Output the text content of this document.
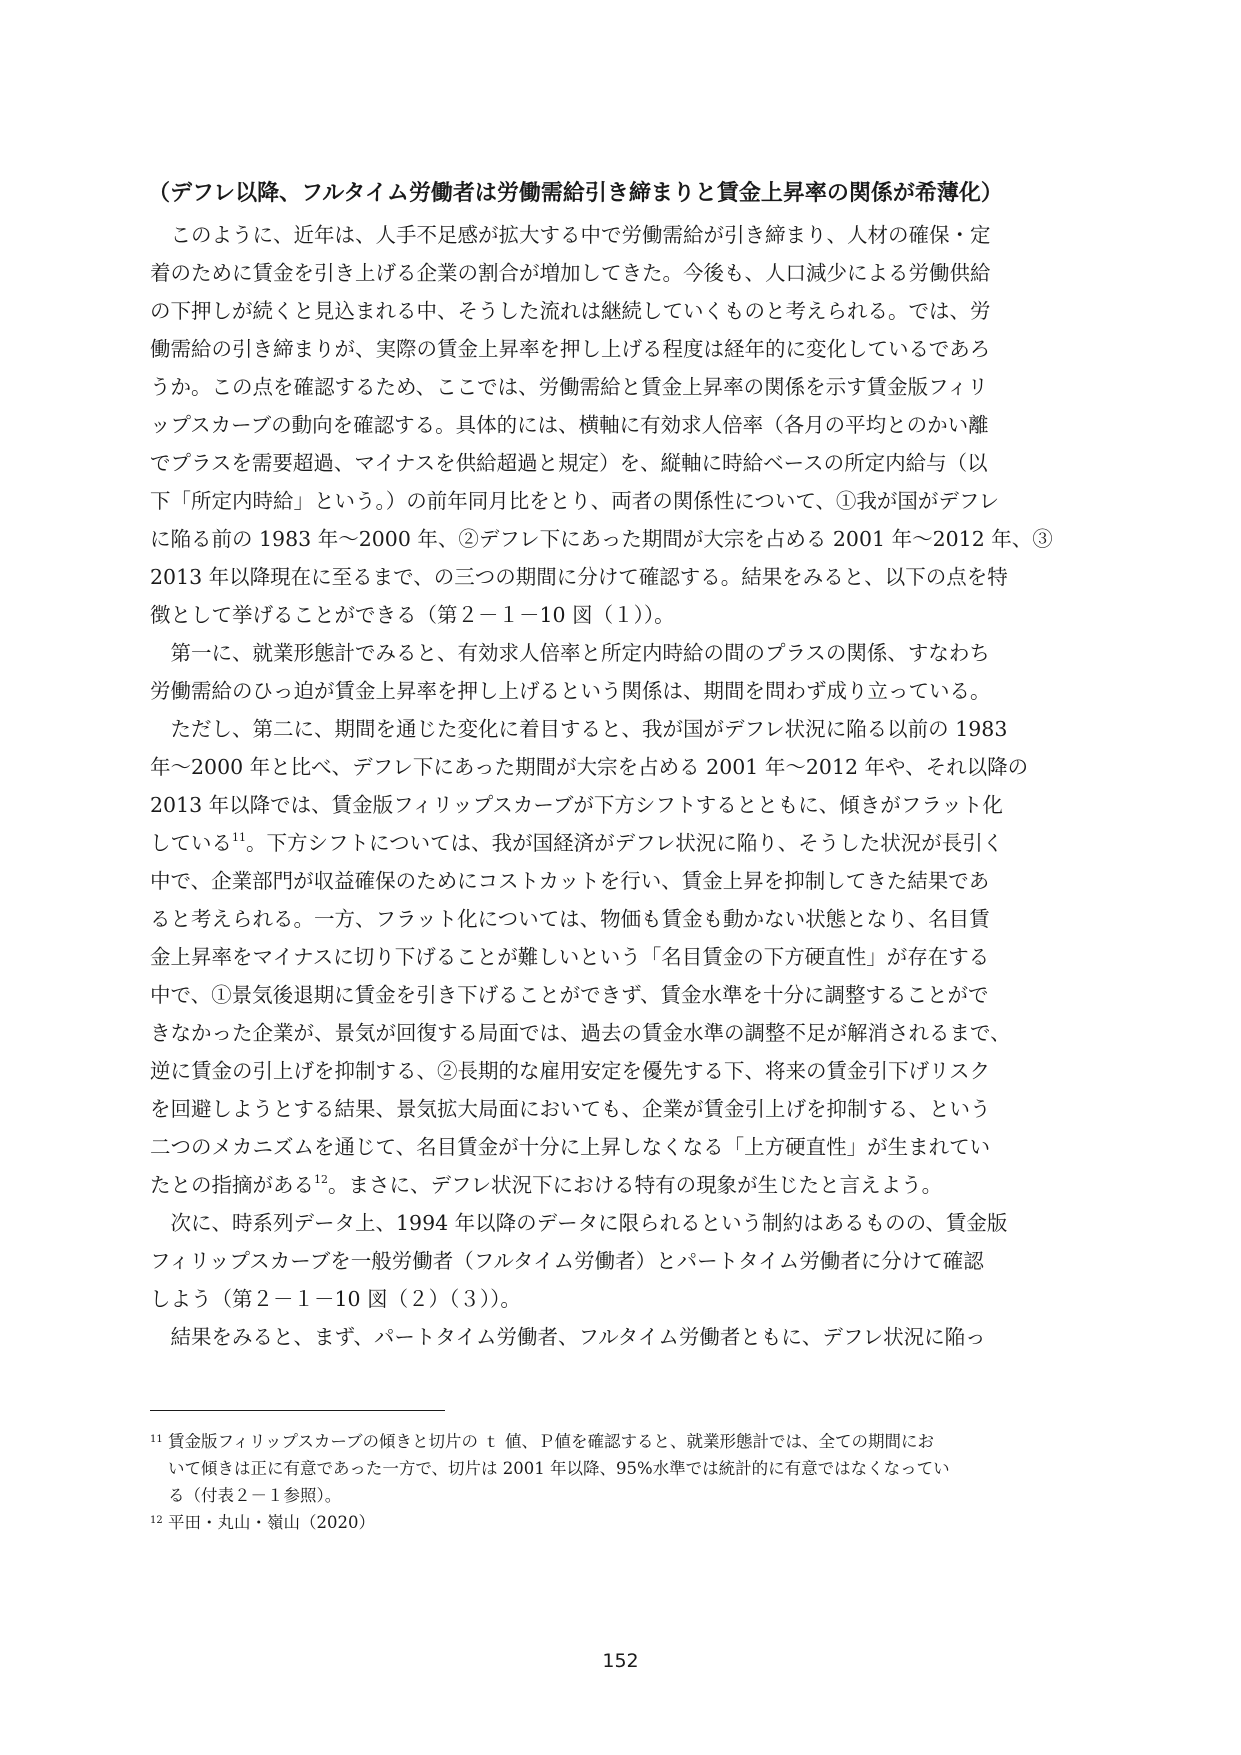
（デフレ以降、フルタイム労働者は労働需給引き締まりと賃金上昇率の関係が希薄化）
　このように、近年は、人手不足感が拡大する中で労働需給が引き締まり、人材の確保・定
着のために賃金を引き上げる企業の割合が増加してきた。今後も、人口減少による労働供給
の下押しが続くと見込まれる中、そうした流れは継続していくものと考えられる。では、労
働需給の引き締まりが、実際の賃金上昇率を押し上げる程度は経年的に変化しているであろ
うか。この点を確認するため、ここでは、労働需給と賃金上昇率の関係を示す賃金版フィリ
ップスカーブの動向を確認する。具体的には、横軸に有効求人倍率（各月の平均とのかい離
でプラスを需要超過、マイナスを供給超過と規定）を、縦軸に時給ベースの所定内給与（以
下「所定内時給」という。）の前年同月比をとり、両者の関係性について、①我が国がデフレ
に陥る前の 1983 年～2000 年、②デフレ下にあった期間が大宗を占める 2001 年～2012 年、③
2013 年以降現在に至るまで、の三つの期間に分けて確認する。結果をみると、以下の点を特
徴として挙げることができる（第２－１－10 図（１））。
　第一に、就業形態計でみると、有効求人倍率と所定内時給の間のプラスの関係、すなわち
労働需給のひっ迫が賃金上昇率を押し上げるという関係は、期間を問わず成り立っている。
　ただし、第二に、期間を通じた変化に着目すると、我が国がデフレ状況に陥る以前の 1983
年～2000 年と比べ、デフレ下にあった期間が大宗を占める 2001 年～2012 年や、それ以降の
2013 年以降では、賃金版フィリップスカーブが下方シフトするとともに、傾きがフラット化
している$^{11}$。下方シフトについては、我が国経済がデフレ状況に陥り、そうした状況が長引く
中で、企業部門が収益確保のためにコストカットを行い、賃金上昇を抑制してきた結果であ
ると考えられる。一方、フラット化については、物価も賃金も動かない状態となり、名目賃
金上昇率をマイナスに切り下げることが難しいという「名目賃金の下方硬直性」が存在する
中で、①景気後退期に賃金を引き下げることができず、賃金水準を十分に調整することがで
きなかった企業が、景気が回復する局面では、過去の賃金水準の調整不足が解消されるまで、
逆に賃金の引上げを抑制する、②長期的な雇用安定を優先する下、将来の賃金引下げリスク
を回避しようとする結果、景気拡大局面においても、企業が賃金引上げを抑制する、という
二つのメカニズムを通じて、名目賃金が十分に上昇しなくなる「上方硬直性」が生まれてい
たとの指摘がある$^{12}$。まさに、デフレ状況下における特有の現象が生じたと言えよう。
　次に、時系列データ上、1994 年以降のデータに限られるという制約はあるものの、賃金版
フィリップスカーブを一般労働者（フルタイム労働者）とパートタイム労働者に分けて確認
しよう（第２－１－10 図（２）（３））。
　結果をみると、まず、パートタイム労働者、フルタイム労働者ともに、デフレ状況に陥っ
11 賃金版フィリップスカーブの傾きと切片の ｔ 値、Ｐ値を確認すると、就業形態計では、全ての期間にお
いて傾きは正に有意であった一方で、切片は 2001 年以降、95%水準では統計的に有意ではなくなってい
る（付表２－１参照）。
12 平田・丸山・嶺山（2020）
152
